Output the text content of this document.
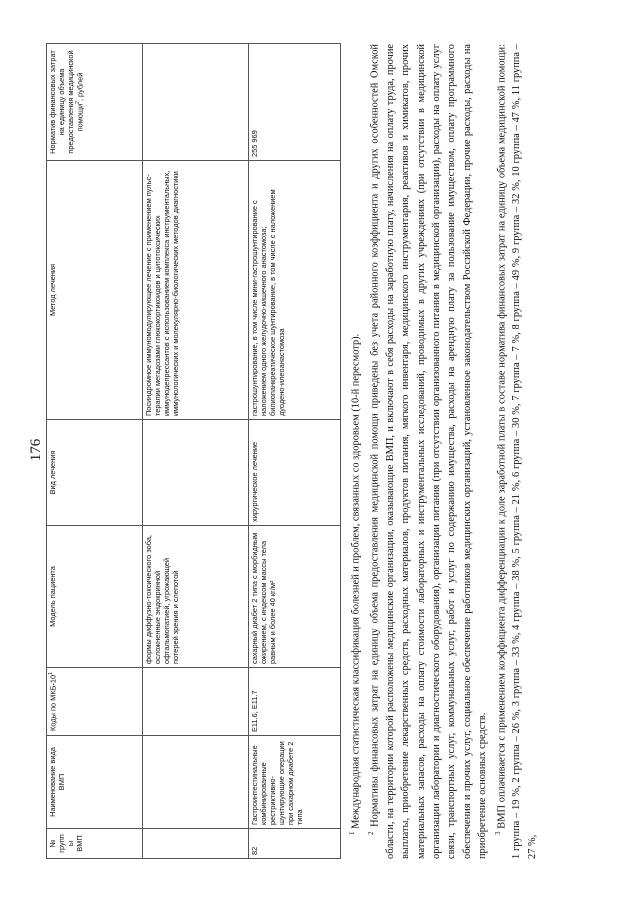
176
№ группы ВМП	Наименование вида ВМП	Коды по МКБ-$10^1$	Модель пациента	Вид лечения	Метод лечения	Норматив финансовых затрат на единицу объема предоставления медицинской помощи$^2$, рублей
			формы диффузно-токсического зоба, осложненные эндокринной офтальмопатией, угрожающей потерей зрения и слепотой		Посиндромное иммуномодулирующее лечение с применением пульс-терапии мегадозами глюкокортикоидов и цитотоксических иммунодепрессантов с использованием комплекса инструментальных, иммунологических и молекулярно-биологических методов диагностики	
82	Гастроинтестинальные комбинированные рестриктивно-шунтирующие операции при сахарном диабете 2 типа	E11.6, E11.7	сахарный диабет 2 типа с морбидным ожирением, с индексом массы тела равным и более 40 кг/м²	хирургическое лечение	гастрошунтирование, в том числе мини-гастрошунтирование с наложением одного желудочно-кишечного анастомоза; билиопанкреатическое шунтирование, в том числе с наложением дуодено-илеоанастомоза	255 969

$^1$ Международная статистическая классификация болезней и проблем, связанных со здоровьем (10-й пересмотр).

$^2$ Нормативы финансовых затрат на единицу объема предоставления медицинской помощи приведены без учета районного коэффициента и других особенностей Омской области, на территории которой расположены медицинские организации, оказывающие ВМП, и включают в себя расходы на заработную плату, начисления на оплату труда, прочие выплаты, приобретение лекарственных средств, расходных материалов, продуктов питания, мягкого инвентаря, медицинского инструментария, реактивов и химикатов, прочих материальных запасов, расходы на оплату стоимости лабораторных и инструментальных исследований, проводимых в других учреждениях (при отсутствии в медицинской организации лаборатории и диагностического оборудования), организации питания (при отсутствии организованного питания в медицинской организации), расходы на оплату услуг связи, транспортных услуг, коммунальных услуг, работ и услуг по содержанию имущества, расходы на арендную плату за пользование имуществом, оплату программного обеспечения и прочих услуг, социальное обеспечение работников медицинских организаций, установленное законодательством Российской Федерации, прочие расходы, расходы на приобретение основных средств. $^3$ ВМП оплачивается с применением коэффициента дифференциации к доле заработной платы в составе норматива финансовых затрат на единицу объема медицинской помощи: 1 группа – 19 %, 2 группа – 26 %, 3 группа – 33 %, 4 группа – 38 %, 5 группа – 21 %, 6 группа – 30 %, 7 группа – 7 %, 8 группа – 49 %, 9 группа – 32 %, 10 группа – 47 %, 11 группа – 27 %,
